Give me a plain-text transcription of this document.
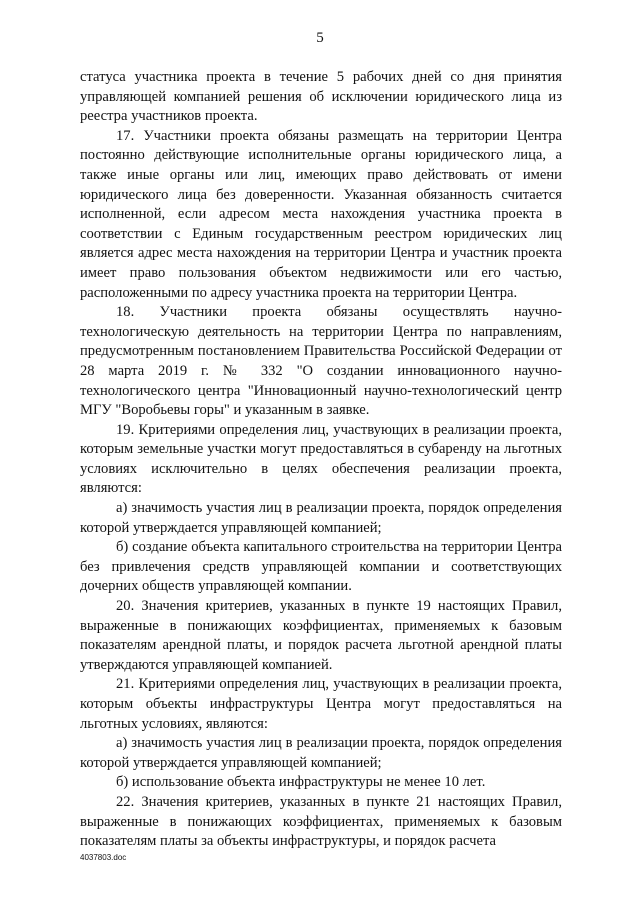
5

статуса участника проекта в течение 5 рабочих дней со дня принятия управляющей компанией решения об исключении юридического лица из реестра участников проекта.

17. Участники проекта обязаны размещать на территории Центра постоянно действующие исполнительные органы юридического лица, а также иные органы или лиц, имеющих право действовать от имени юридического лица без доверенности. Указанная обязанность считается исполненной, если адресом места нахождения участника проекта в соответствии с Единым государственным реестром юридических лиц является адрес места нахождения на территории Центра и участник проекта имеет право пользования объектом недвижимости или его частью, расположенными по адресу участника проекта на территории Центра.

18. Участники проекта обязаны осуществлять научно-технологическую деятельность на территории Центра по направлениям, предусмотренным постановлением Правительства Российской Федерации от 28 марта 2019 г. № 332 "О создании инновационного научно-технологического центра "Инновационный научно-технологический центр МГУ "Воробьевы горы" и указанным в заявке.

19. Критериями определения лиц, участвующих в реализации проекта, которым земельные участки могут предоставляться в субаренду на льготных условиях исключительно в целях обеспечения реализации проекта, являются:

а) значимость участия лиц в реализации проекта, порядок определения которой утверждается управляющей компанией;

б) создание объекта капитального строительства на территории Центра без привлечения средств управляющей компании и соответствующих дочерних обществ управляющей компании.

20. Значения критериев, указанных в пункте 19 настоящих Правил, выраженные в понижающих коэффициентах, применяемых к базовым показателям арендной платы, и порядок расчета льготной арендной платы утверждаются управляющей компанией.

21. Критериями определения лиц, участвующих в реализации проекта, которым объекты инфраструктуры Центра могут предоставляться на льготных условиях, являются:

а) значимость участия лиц в реализации проекта, порядок определения которой утверждается управляющей компанией;

б) использование объекта инфраструктуры не менее 10 лет.

22. Значения критериев, указанных в пункте 21 настоящих Правил, выраженные в понижающих коэффициентах, применяемых к базовым показателям платы за объекты инфраструктуры, и порядок расчета

4037803.doc
